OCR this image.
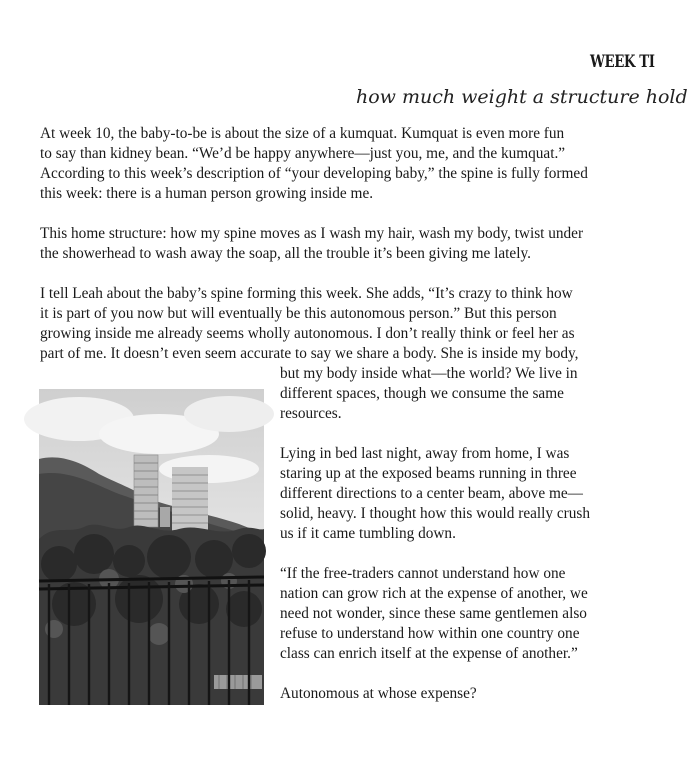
WEEK TI
how much weight a structure hold
At week 10, the baby-to-be is about the size of a kumquat. Kumquat is even more fun
to say than kidney bean. “We’d be happy anywhere—just you, me, and the kumquat.”
According to this week’s description of “your developing baby,” the spine is fully formed
this week: there is a human person growing inside me.
This home structure: how my spine moves as I wash my hair, wash my body, twist under
the showerhead to wash away the soap, all the trouble it’s been giving me lately.
I tell Leah about the baby’s spine forming this week. She adds, “It’s crazy to think how
it is part of you now but will eventually be this autonomous person.” But this person
growing inside me already seems wholly autonomous. I don’t really think or feel her as
part of me. It doesn’t even seem accurate to say we share a body. She is inside my body,
but my body inside what—the world? We live in
different spaces, though we consume the same
resources.
Lying in bed last night, away from home, I was
staring up at the exposed beams running in three
different directions to a center beam, above me—
solid, heavy. I thought how this would really crush
us if it came tumbling down.
“If the free-traders cannot understand how one
nation can grow rich at the expense of another, we
need not wonder, since these same gentlemen also
refuse to understand how within one country one
class can enrich itself at the expense of another.”
Autonomous at whose expense?
